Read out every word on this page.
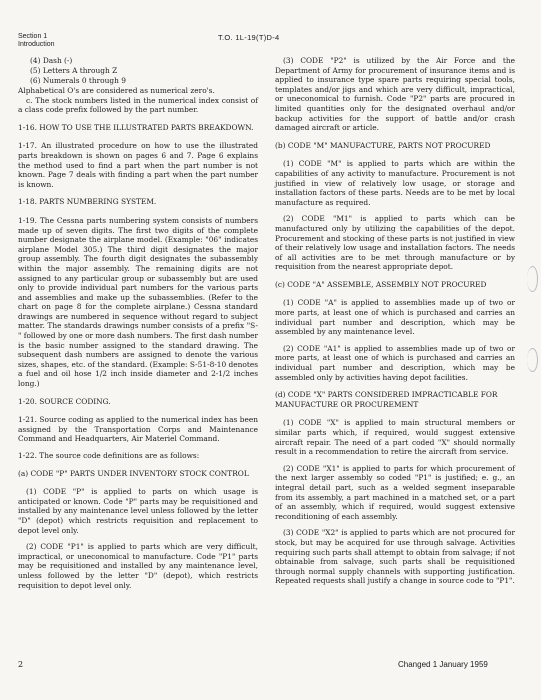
Section 1
Introduction
T.O. 1L-19(T)D-4
(4) Dash (-)
(5) Letters A through Z
(6) Numerals 0 through 9

Alphabetical O's are considered as numerical zero's.

c. The stock numbers listed in the numerical index consist of a class code prefix followed by the part number.

1-16. HOW TO USE THE ILLUSTRATED PARTS BREAKDOWN.

1-17. An illustrated procedure on how to use the illustrated parts breakdown is shown on pages 6 and 7. Page 6 explains the method used to find a part when the part number is not known. Page 7 deals with finding a part when the part number is known.

1-18. PARTS NUMBERING SYSTEM.

1-19. The Cessna parts numbering system consists of numbers made up of seven digits. The first two digits of the complete number designate the airplane model. (Example: "06" indicates airplane Model 305.) The third digit designates the major group assembly. The fourth digit designates the subassembly within the major assembly. The remaining digits are not assigned to any particular group or subassembly but are used only to provide individual part numbers for the various parts and assemblies and make up the subassemblies. (Refer to the chart on page 8 for the complete airplane.) Cessna standard drawings are numbered in sequence without regard to subject matter. The standards drawings number consists of a prefix "S-" followed by one or more dash numbers. The first dash number is the basic number assigned to the standard drawing. The subsequent dash numbers are assigned to denote the various sizes, shapes, etc. of the standard. (Example: S-51-8-10 denotes a fuel and oil hose 1/2 inch inside diameter and 2-1/2 inches long.)

1-20. SOURCE CODING.

1-21. Source coding as applied to the numerical index has been assigned by the Transportation Corps and Maintenance Command and Headquarters, Air Materiel Command.

1-22. The source code definitions are as follows:

(a) CODE "P" PARTS UNDER INVENTORY STOCK CONTROL

(1) CODE "P" is applied to parts on which usage is anticipated or known. Code "P" parts may be requisitioned and installed by any maintenance level unless followed by the letter "D" (depot) which restricts requisition and replacement to depot level only.

(2) CODE "P1" is applied to parts which are very difficult, impractical, or uneconomical to manufacture. Code "P1" parts may be requisitioned and installed by any maintenance level, unless followed by the letter "D" (depot), which restricts requisition to depot level only.

(3) CODE "P2" is utilized by the Air Force and the Department of Army for procurement of insurance items and is applied to insurance type spare parts requiring special tools, templates and/or jigs and which are very difficult, impractical, or uneconomical to furnish. Code "P2" parts are procured in limited quantities only for the designated overhaul and/or backup activities for the support of battle and/or crash damaged aircraft or article.

(b) CODE "M" MANUFACTURE, PARTS NOT PROCURED

(1) CODE "M" is applied to parts which are within the capabilities of any activity to manufacture. Procurement is not justified in view of relatively low usage, or storage and installation factors of these parts. Needs are to be met by local manufacture as required.

(2) CODE "M1" is applied to parts which can be manufactured only by utilizing the capabilities of the depot. Procurement and stocking of these parts is not justified in view of their relatively low usage and installation factors. The needs of all activities are to be met through manufacture or by requisition from the nearest appropriate depot.

(c) CODE "A" ASSEMBLE, ASSEMBLY NOT PROCURED

(1) CODE "A" is applied to assemblies made up of two or more parts, at least one of which is purchased and carries an individual part number and description, which may be assembled by any maintenance level.

(2) CODE "A1" is applied to assemblies made up of two or more parts, at least one of which is purchased and carries an individual part number and description, which may be assembled only by activities having depot facilities.

(d) CODE "X" PARTS CONSIDERED IMPRACTICABLE FOR MANUFACTURE OR PROCUREMENT

(1) CODE "X" is applied to main structural members or similar parts which, if required, would suggest extensive aircraft repair. The need of a part coded "X" should normally result in a recommendation to retire the aircraft from service.

(2) CODE "X1" is applied to parts for which procurement of the next larger assembly so coded "P1" is justified; e. g., an integral detail part, such as a welded segment inseparable from its assembly, a part machined in a matched set, or a part of an assembly, which if required, would suggest extensive reconditioning of each assembly.

(3) CODE "X2" is applied to parts which are not procured for stock, but may be acquired for use through salvage. Activities requiring such parts shall attempt to obtain from salvage; if not obtainable from salvage, such parts shall be requisitioned through normal supply channels with supporting justification. Repeated requests shall justify a change in source code to "P1".

2	Changed 1 January 1959
